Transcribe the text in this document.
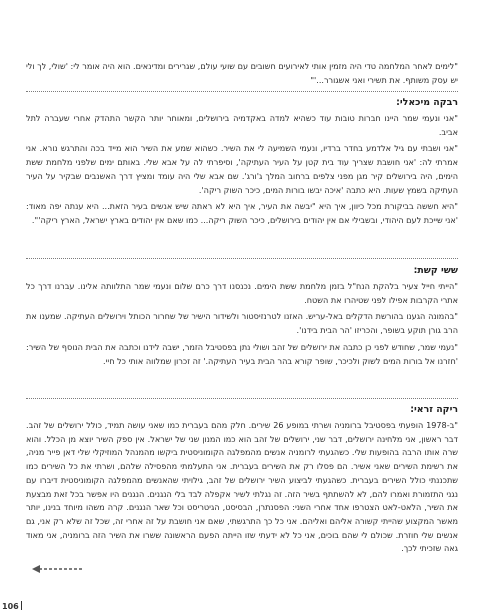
"לימים לאחר המלחמה טדי היה מזמין אותי לאירועים חשובים עם שועי עולם, שגרירים ומדינאים. הוא היה אומר לי: 'שולי, לך ולי יש עסק משותף. את תשירי ואני אשגורר...'"

רבקה מיכאלי:

"אני ונעמי שמר היינו חברות טובות עוד כשהיא למדה באקדמיה בירושלים, ומאוחר יותר הקשר התהדק אחרי שעברה לתל אביב.

"אני ושבתי עם גיל אלדמע בחדר ברדיו, ונעמי השמיעה לי את השיר. כשהוא שמע את השיר הוא מייד בכה והתרגש נורא. אני אמרתי לה: 'אני חושבת שצריך עוד בית קטן על העיר העתיקה', וסיפרתי לה על אבא שלי. באותם ימים שלפני מלחמת ששת הימים, היה בירושלים קיר מגן מפני צלפים ברחוב המלך ג'ורג'. שם אבא שלי היה עומד ומציץ דרך האשנבים שבקיר על העיר העתיקה בשמץ שעות. היא כתבה 'איכה יבשו בורות המים, כיכר השוק ריקה'.

"היא חששה בביקורת מכל כיוון, איך היא "יבשה את העיר, איך היא לא ראתה שיש אנשים בעיר הזאת... היא ענתה יפה מאוד: 'אני שייכת לעם היהודי, ובשבילי אם אין יהודים בירושלים, כיכר השוק ריקה... כמו שאם אין יהודים בארץ ישראל, הארץ ריקה'".

ששי קשת:

"הייתי חייל צעיר בלהקת הנח"ל בזמן מלחמת ששת הימים. נכנסנו דרך כרם שלום ונעמי שמר התלוותה אלינו. עברנו דרך כל אתרי הקרבות אפילו לפני שטיהרו את השטח.

"בהמונה הגענו בהורשת הדקלים באל-עריש. האזנו לטרנזיסטור ולשידור הישיר של שחרור הכותל וירושלים העתיקה. שמענו את הרב גורן תוקע בשופר, והכריזו 'הר הבית בידנו'.

"נעמי שמר, שחודש לפני כן כתבה את ירושלים של זהב ושולי נתן בפסטיבל הזמר, ישבה לידנו וכתבה את הבית הנוסף של השיר: 'חזרנו אל בורות המים לשוק ולכיכר, שופר קורא בהר הבית בעיר העתיקה.' זה זכרון שמלווה אותי כל חיי.

ריקה זראי:

"ב-1978 הופעתי בפסטיבל ברומניה ושרתי במופע 26 שירים. חלק מהם בעברית כמו שאני עושה תמיד, כולל ירושלים של זהב. דבר ראשון, אני מלחינה ירושלים, דבר שני, ירושלים של זהב הוא כמו המנון שני של ישראל. אין ספק השיר יוצא מן הכלל. והוא שרה אותו הרבה בהופעות שלי. כשהגעתי לרומניה אנשים מהמפלגה הקומוניסטית ביקשו מהמנהל המוזיקלי שלי דאן פייר מניה, את רשימת השירים שאני אשיר. הם פסלו רק את השירים בעברית. אני התעלמתי מהפסילה שלהם, ושרתי את כל השירים כמו שתכננתי כולל השירים בעברית. כשהגעתי לביצוע השיר ירושלים של זהב, גילויתי שהאנשים מהמפלגה הקומוניסטית דיברו עם נגני התזמורת ואמרו להם, לא להשתתף בשיר הזה. זה נגלתי לשיר אקפלה לבד בלי הנגנים. הנגנים היו אפשר בכל זאת מבצעת את השיר, הלאט-לאט הצטרפו אחד אחרי השני: הפסנתרן, הבסיסט, הגיטריסט וכל שאר הנגנים. קרה משהו מיוחד בנינו, יותר מאשר המקצוע שהייתי קשורה אליהם ואליהם. אני כל כך התרגשתי, שאם אני חושבת על זה אחרי זה, שכל זה שלא רק אני, גם אנשים שלי חוזרת. שכולם לי שהם בוכים, אני כל לא ידעתי שזו הייתה הפעם הראשונה ששרו את השיר הזה ברומניה, אני מאוד גאה שזכיתי לכך.

106
